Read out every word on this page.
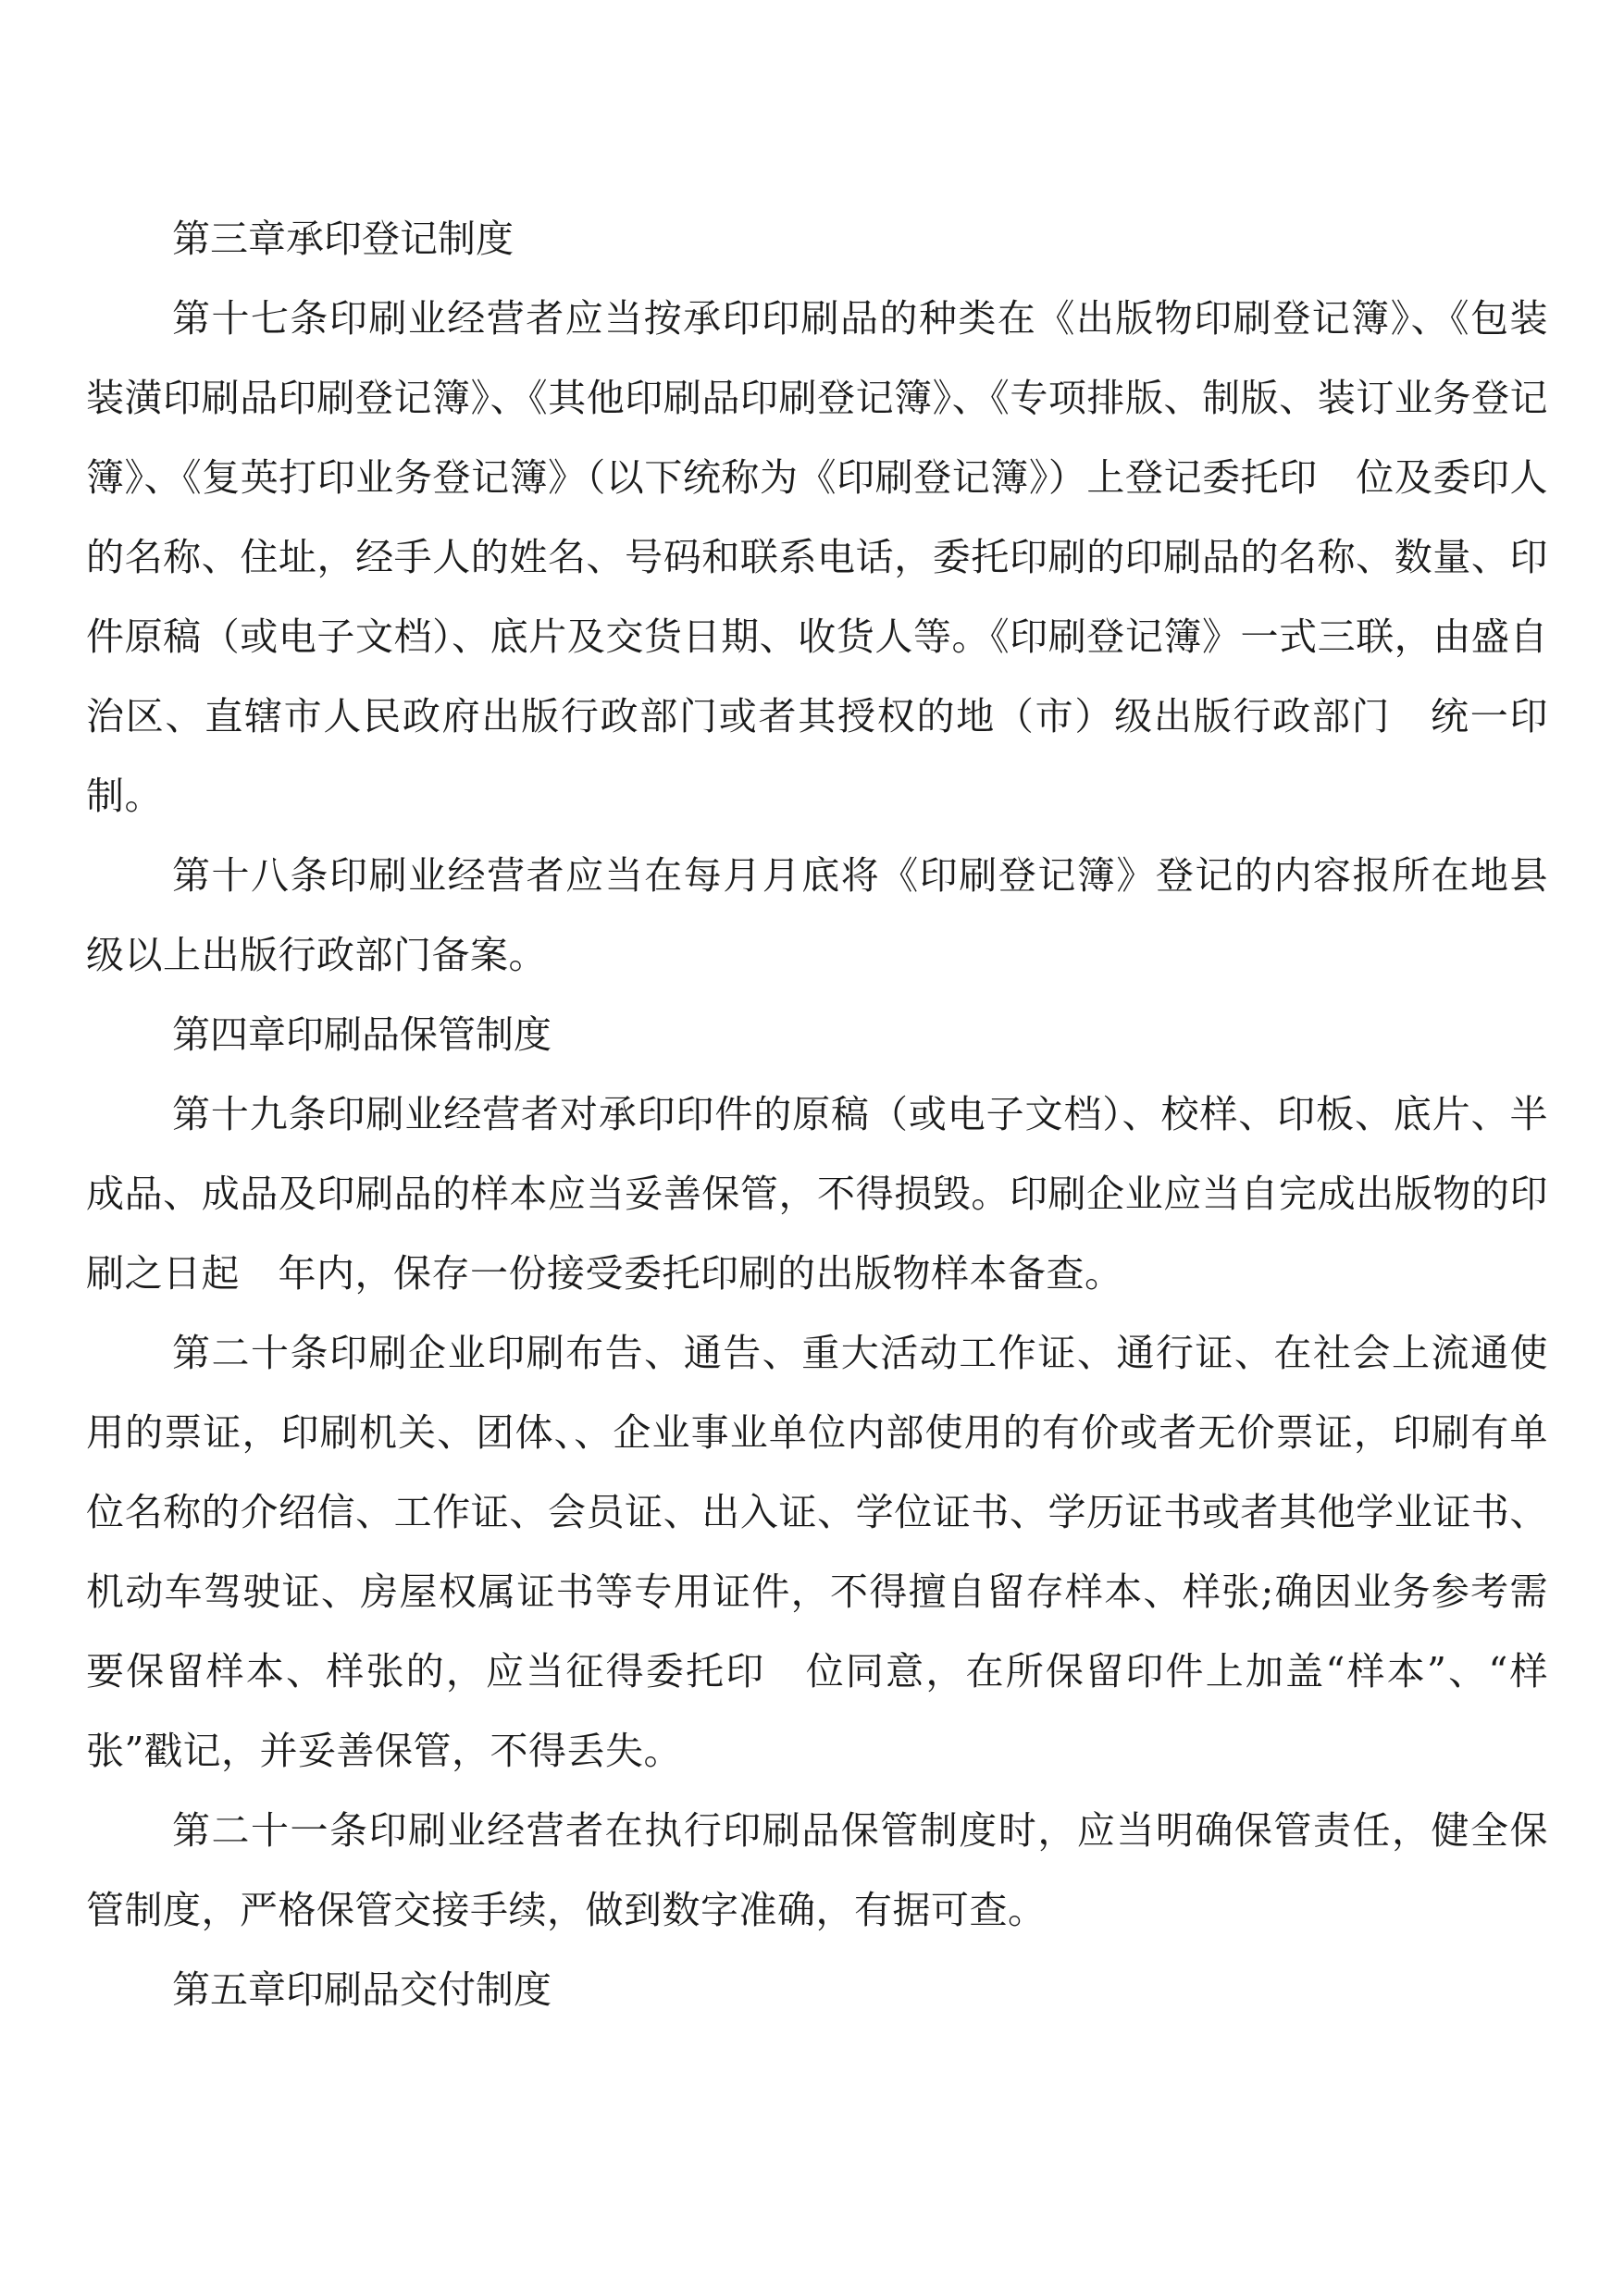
第三章承印登记制度

第十七条印刷业经营者应当按承印印刷品的种类在《出版物印刷登记簿》、《包装装潢印刷品印刷登记簿》、《其他印刷品印刷登记簿》、《专项排版、制版、装订业务登记簿》、《复英打印业务登记簿》（以下统称为《印刷登记簿》）上登记委托印　位及委印人的名称、住址，经手人的姓名、号码和联系电话，委托印刷的印刷品的名称、数量、印件原稿（或电子文档）、底片及交货日期、收货人等。《印刷登记簿》一式三联，由盛自治区、直辖市人民政府出版行政部门或者其授权的地（市）级出版行政部门　统一印制。

第十八条印刷业经营者应当在每月月底将《印刷登记簿》登记的内容报所在地县级以上出版行政部门备案。

第四章印刷品保管制度

第十九条印刷业经营者对承印印件的原稿（或电子文档）、校样、印板、底片、半成品、成品及印刷品的样本应当妥善保管，不得损毁。印刷企业应当自完成出版物的印刷之日起　年内，保存一份接受委托印刷的出版物样本备查。

第二十条印刷企业印刷布告、通告、重大活动工作证、通行证、在社会上流通使用的票证，印刷机关、团体、、企业事业单位内部使用的有价或者无价票证，印刷有单位名称的介绍信、工作证、会员证、出入证、学位证书、学历证书或者其他学业证书、机动车驾驶证、房屋权属证书等专用证件，不得擅自留存样本、样张;确因业务参考需要保留样本、样张的，应当征得委托印　位同意，在所保留印件上加盖“样本”、“样张”戳记，并妥善保管，不得丢失。

第二十一条印刷业经营者在执行印刷品保管制度时，应当明确保管责任，健全保管制度，严格保管交接手续，做到数字准确，有据可查。

第五章印刷品交付制度
